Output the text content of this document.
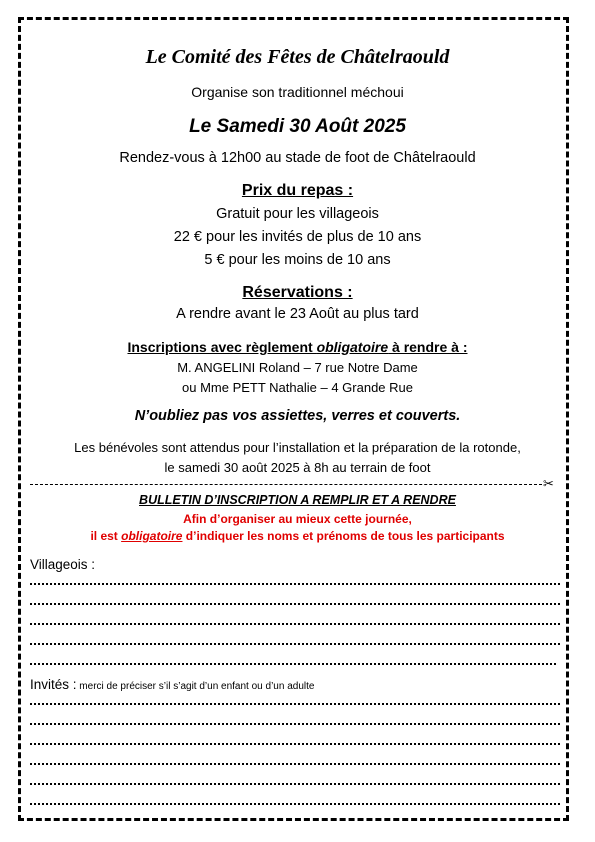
Le Comité des Fêtes de Châtelraould
Organise son traditionnel méchoui
Le Samedi 30 Août 2025
Rendez-vous à 12h00 au stade de foot de Châtelraould
Prix du repas :
Gratuit pour les villageois
22 € pour les invités de plus de 10 ans
5 € pour les moins de 10 ans
Réservations :
A rendre avant le 23 Août au plus tard
Inscriptions avec règlement obligatoire à rendre à :
M. ANGELINI Roland – 7 rue Notre Dame
ou Mme PETT Nathalie – 4 Grande Rue
N’oubliez pas vos assiettes, verres et couverts.
Les bénévoles sont attendus pour l’installation et la préparation de la rotonde,
le samedi 30 août 2025 à 8h au terrain de foot
✂
BULLETIN D’INSCRIPTION A REMPLIR ET A RENDRE
Afin d’organiser au mieux cette journée,
il est obligatoire d’indiquer les noms et prénoms de tous les participants
Villageois :
Invités : merci de préciser s’il s’agit d’un enfant ou d’un adulte
